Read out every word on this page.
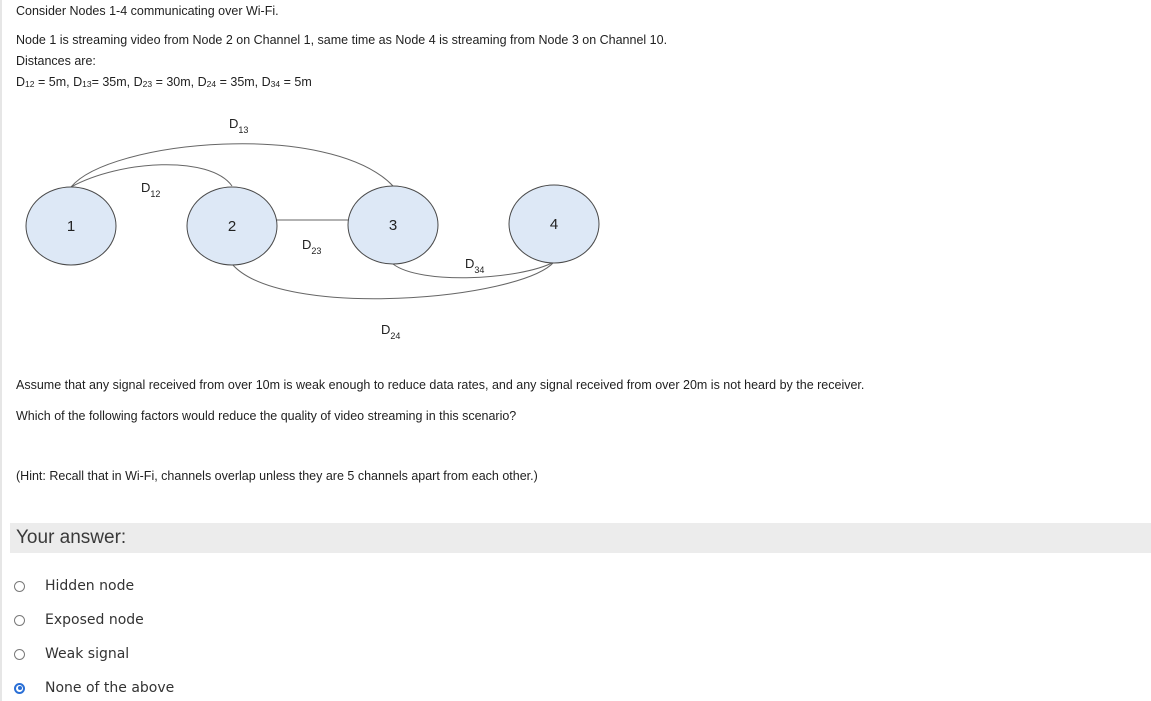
Consider Nodes 1-4 communicating over Wi-Fi.
Node 1 is streaming video from Node 2 on Channel 1, same time as Node 4 is streaming from Node 3 on Channel 10.
Distances are:
$D_{12} = 5m$, $D_{13}= 35m$, $D_{23} = 30m$, $D_{24} = 35m$, $D_{34} = 5m$
1	2	3	4
$D_{13}$
$D_{12}$
$D_{23}$
$D_{34}$
$D_{24}$
Assume that any signal received from over 10m is weak enough to reduce data rates, and any signal received from over 20m is not heard by the receiver.
Which of the following factors would reduce the quality of video streaming in this scenario?
(Hint: Recall that in Wi-Fi, channels overlap unless they are 5 channels apart from each other.)
Your answer:
Hidden node
Exposed node
Weak signal
None of the above
